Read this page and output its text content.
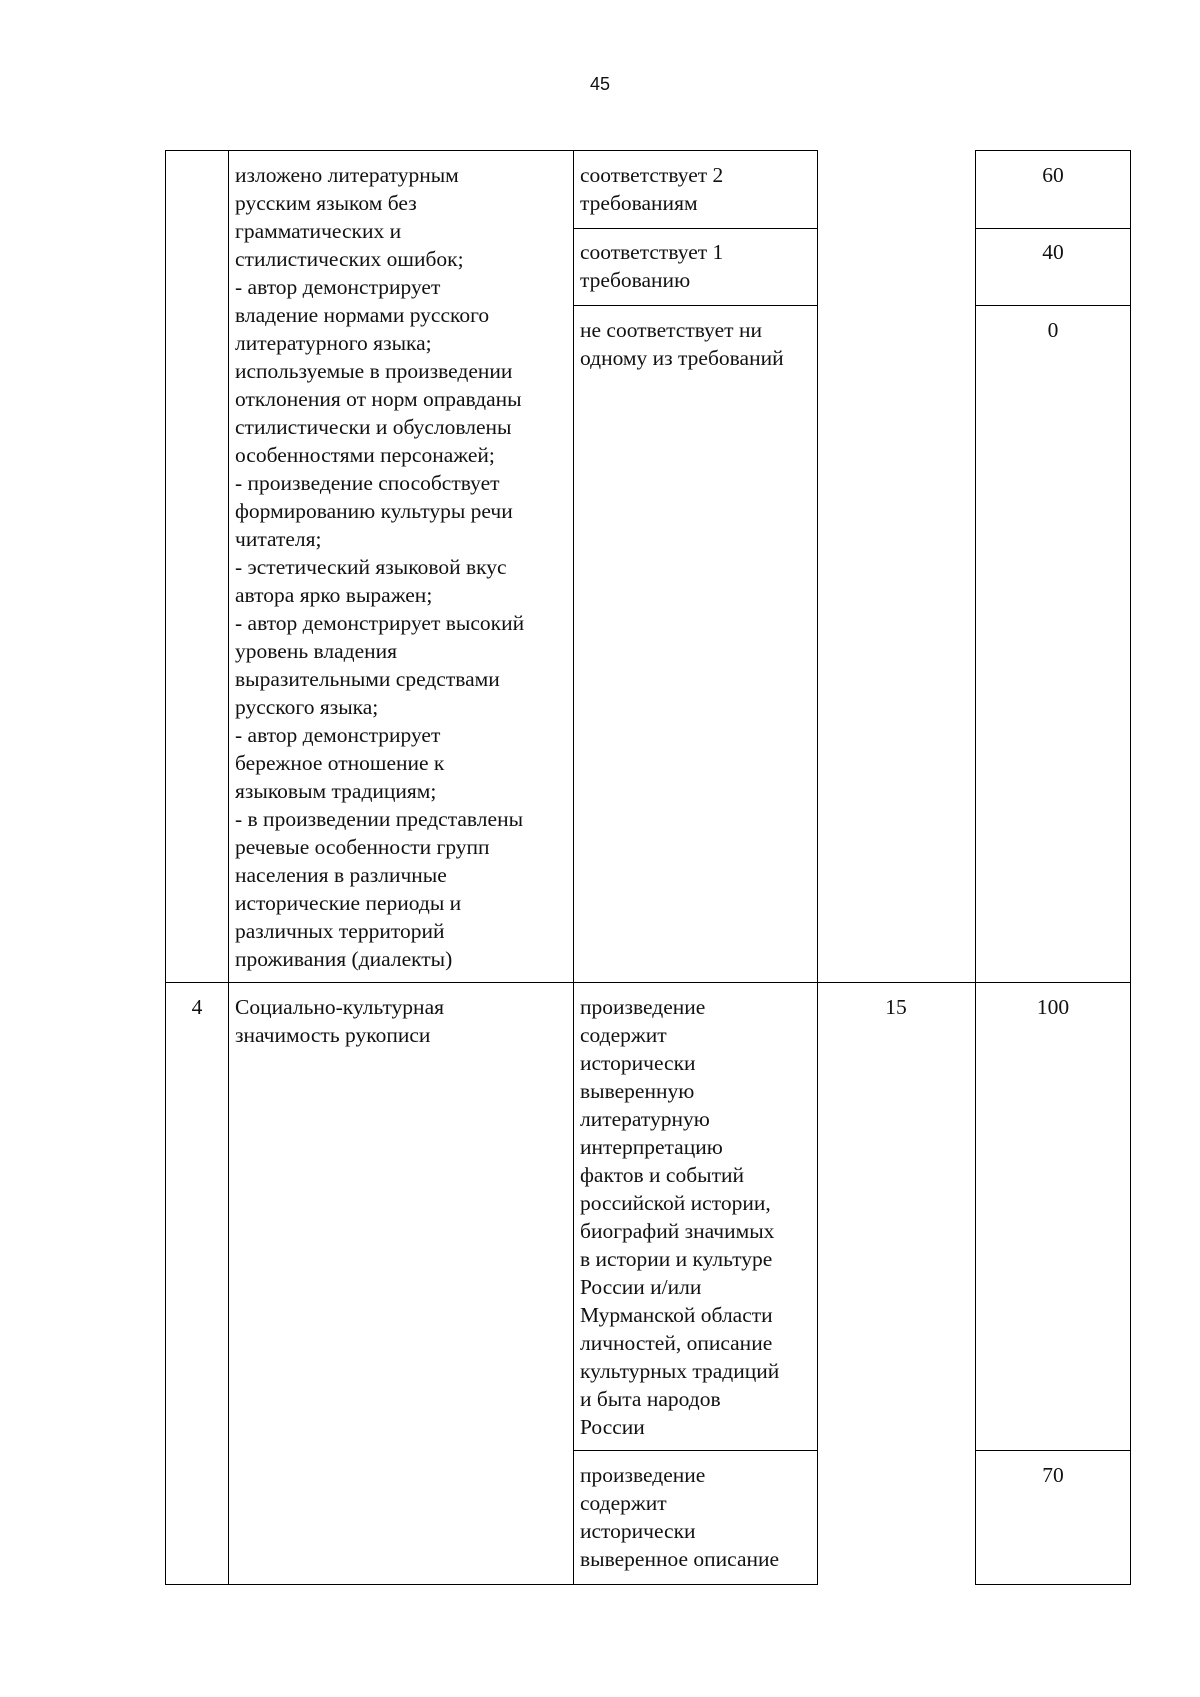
45
изложено литературным
русским языком без
грамматических и
стилистических ошибок;
- автор демонстрирует
владение нормами русского
литературного языка;
используемые в произведении
отклонения от норм оправданы
стилистически и обусловлены
особенностями персонажей;
- произведение способствует
формированию культуры речи
читателя;
- эстетический языковой вкус
автора ярко выражен;
- автор демонстрирует высокий
уровень владения
выразительными средствами
русского языка;
- автор демонстрирует
бережное отношение к
языковым традициям;
- в произведении представлены
речевые особенности групп
населения в различные
исторические периоды и
различных территорий
проживания (диалекты)
соответствует 2
требованиям
60
соответствует 1
требованию
40
не соответствует ни
одному из требований
0
4	Социально-культурная
значимость рукописи
произведение
содержит
исторически
выверенную
литературную
интерпретацию
фактов и событий
российской истории,
биографий значимых
в истории и культуре
России и/или
Мурманской области
личностей, описание
культурных традиций
и быта народов
России
15	100
произведение
содержит
исторически
выверенное описание
70
